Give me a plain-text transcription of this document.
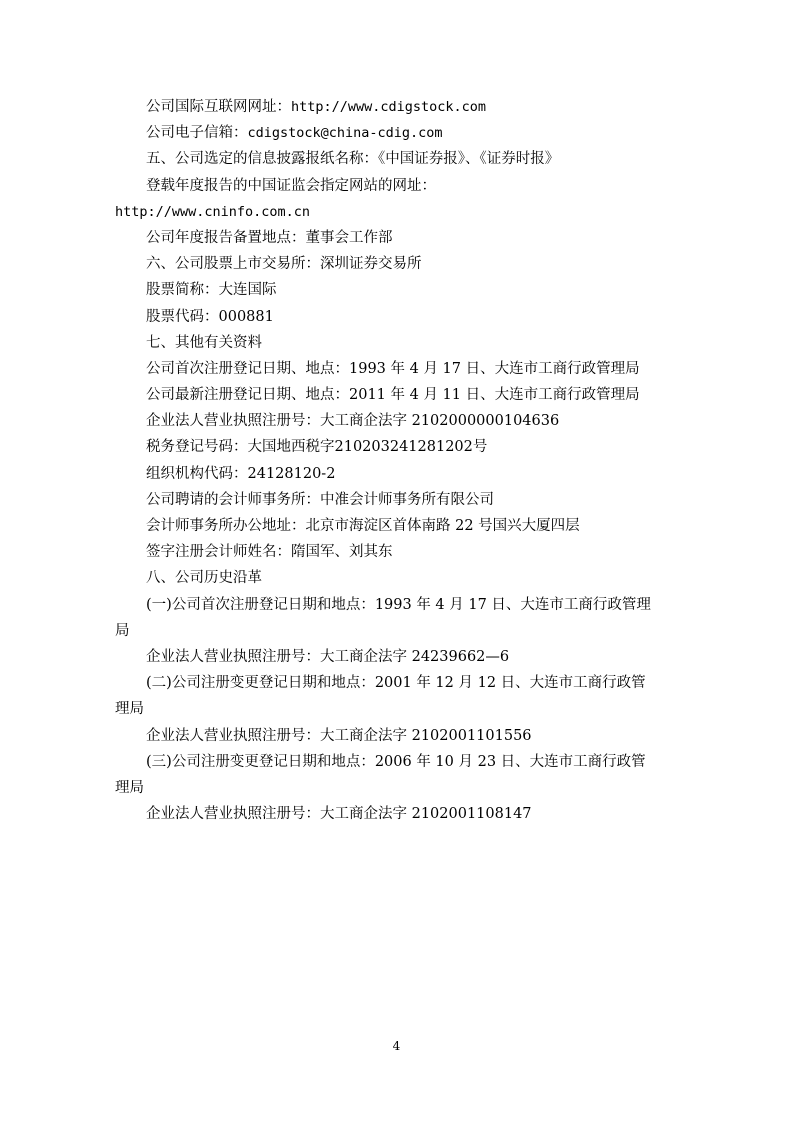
公司国际互联网网址：http://www.cdigstock.com
公司电子信箱：cdigstock@china-cdig.com
五、公司选定的信息披露报纸名称：《中国证券报》、《证券时报》
登载年度报告的中国证监会指定网站的网址：
http://www.cninfo.com.cn
公司年度报告备置地点：董事会工作部
六、公司股票上市交易所：深圳证券交易所
股票简称：大连国际
股票代码：000881
七、其他有关资料
公司首次注册登记日期、地点：1993 年 4 月 17 日、大连市工商行政管理局
公司最新注册登记日期、地点：2011 年 4 月 11 日、大连市工商行政管理局
企业法人营业执照注册号：大工商企法字 2102000000104636
税务登记号码：大国地西税字210203241281202号
组织机构代码：24128120-2
公司聘请的会计师事务所：中准会计师事务所有限公司
会计师事务所办公地址：北京市海淀区首体南路 22 号国兴大厦四层
签字注册会计师姓名：隋国军、刘其东
八、公司历史沿革
(一)公司首次注册登记日期和地点：1993 年 4 月 17 日、大连市工商行政管理
局
企业法人营业执照注册号：大工商企法字 24239662—6
(二)公司注册变更登记日期和地点：2001 年 12 月 12 日、大连市工商行政管
理局
企业法人营业执照注册号：大工商企法字 2102001101556
(三)公司注册变更登记日期和地点：2006 年 10 月 23 日、大连市工商行政管
理局
企业法人营业执照注册号：大工商企法字 2102001108147
4
